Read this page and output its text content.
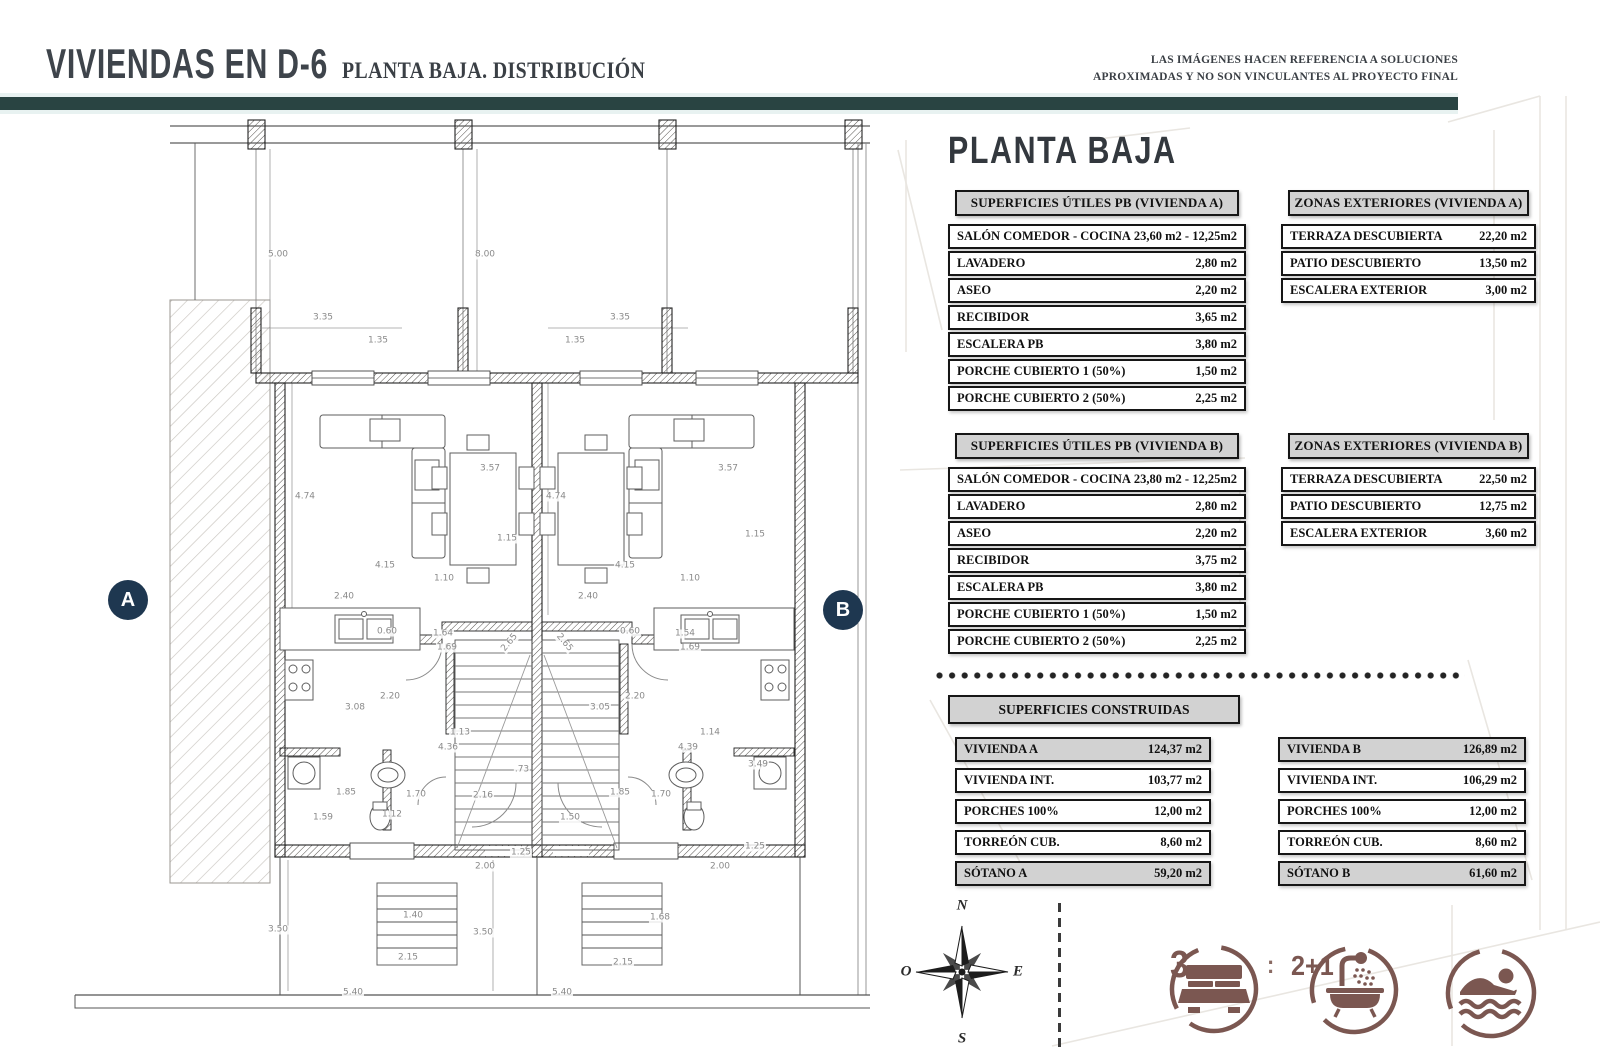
VIVIENDAS EN D-6 PLANTA BAJA. DISTRIBUCIÓN	LAS IMÁGENES HACEN REFERENCIA A SOLUCIONES
APROXIMADAS Y NO SON VINCULANTES AL PROYECTO FINAL
5.00	8.00
3.35
1.35
3.35
1.35
4.74	4.74
3.57	3.57
1.15	1.15
4.15	4.15
1.10	1.10
2.40	2.40
0.60	0.60
1.64	1.54
1.69	1.69
2.65	2.65
2.20	2.20
3.08	3.05
1.13	1.14
4.36	4.39
.73	3.49
1.85	1.85
1.70	1.70
2.16
1.12
1.59	1.50
1.25
1.25
2.00	2.00
1.40	1.68
3.50	3.50
2.15	2.15
5.40	5.40
A	B
PLANTA BAJA
SUPERFICIES ÚTILES PB (VIVIENDA A)
SALÓN COMEDOR - COCINA 23,60 m2 - 12,25m2
LAVADERO	2,80 m2
ASEO	2,20 m2
RECIBIDOR	3,65 m2
ESCALERA PB	3,80 m2
PORCHE CUBIERTO 1 (50%)	1,50 m2
PORCHE CUBIERTO 2 (50%)	2,25 m2
ZONAS EXTERIORES (VIVIENDA A)
TERRAZA DESCUBIERTA	22,20 m2
PATIO DESCUBIERTO	13,50 m2
ESCALERA EXTERIOR	3,00 m2
SUPERFICIES ÚTILES PB (VIVIENDA B)
SALÓN COMEDOR - COCINA 23,80 m2 - 12,25m2
LAVADERO	2,80 m2
ASEO	2,20 m2
RECIBIDOR	3,75 m2
ESCALERA PB	3,80 m2
PORCHE CUBIERTO 1 (50%)	1,50 m2
PORCHE CUBIERTO 2 (50%)	2,25 m2
ZONAS EXTERIORES (VIVIENDA B)
TERRAZA DESCUBIERTA	22,50 m2
PATIO DESCUBIERTO	12,75 m2
ESCALERA EXTERIOR	3,60 m2
SUPERFICIES CONSTRUIDAS
VIVIENDA A	124,37 m2
VIVIENDA INT.	103,77 m2
PORCHES 100%	12,00 m2
TORREÓN CUB.	8,60 m2
SÓTANO A	59,20 m2
VIVIENDA B	126,89 m2
VIVIENDA INT.	106,29 m2
PORCHES 100%	12,00 m2
TORREÓN CUB.	8,60 m2
SÓTANO B	61,60 m2
N
E
S
O	3	: 2+1
